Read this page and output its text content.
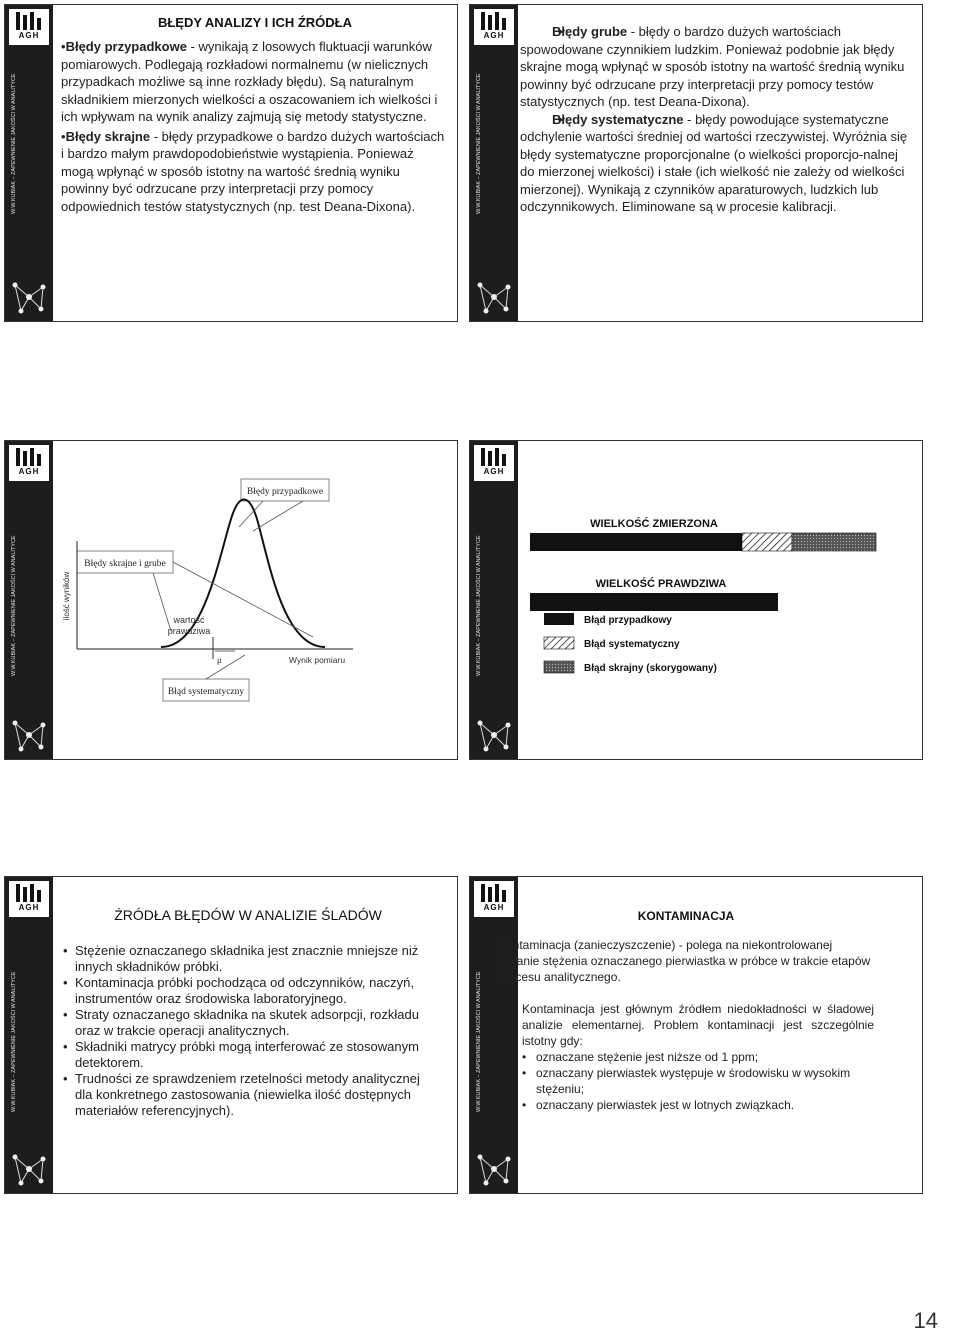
AGH
W.W.KUBIAK – ZAPEWNIENIE JAKOŚCI W ANALITYCE
BŁĘDY ANALIZY I ICH ŹRÓDŁA

•Błędy przypadkowe - wynikają z losowych fluktuacji warunków pomiarowych. Podlegają rozkładowi normalnemu (w nielicznych przypadkach możliwe są inne rozkłady błędu). Są naturalnym składnikiem mierzonych wielkości a oszacowaniem ich wielkości i ich wpływam na wynik analizy zajmują się metody statystyczne.

•Błędy skrajne - błędy przypadkowe o bardzo dużych wartościach i bardzo małym prawdopodobieństwie wystąpienia. Ponieważ mogą wpłynąć w sposób istotny na wartość średnią wyniku powinny być odrzucane przy interpretacji przy pomocy odpowiednich testów statystycznych (np. test Deana-Dixona).

AGH
W.W.KUBIAK – ZAPEWNIENIE JAKOŚCI W ANALITYCE

• Błędy grube - błędy o bardzo dużych wartościach spowodowane czynnikiem ludzkim. Ponieważ podobnie jak błędy skrajne mogą wpłynąć w sposób istotny na wartość średnią wyniku powinny być odrzucane przy interpretacji przy pomocy testów statystycznych (np. test Deana-Dixona).

• Błędy systematyczne - błędy powodujące systematyczne odchylenie wartości średniej od wartości rzeczywistej. Wyróżnia się błędy systematyczne proporcjonalne (o wielkości proporcjo-nalnej do mierzonej wielkości) i stałe (ich wielkość nie zależy od wielkości mierzonej). Wynikają z czynników aparaturowych, ludzkich lub odczynnikowych. Eliminowane są w procesie kalibracji.

AGH
W.W.KUBIAK – ZAPEWNIENIE JAKOŚCI W ANALITYCE
Błędy przypadkowe
Błędy skrajne i grube
Błąd systematyczny
ilość wyników	wartość
prawdziwa
μ	Wynik pomiaru
AGH
W.W.KUBIAK – ZAPEWNIENIE JAKOŚCI W ANALITYCE
WIELKOŚĆ ZMIERZONA
WIELKOŚĆ PRAWDZIWA
Błąd przypadkowy
Błąd systematyczny
Błąd skrajny (skorygowany)
AGH
W.W.KUBIAK – ZAPEWNIENIE JAKOŚCI W ANALITYCE
ŹRÓDŁA BŁĘDÓW W ANALIZIE ŚLADÓW

• Stężenie oznaczanego składnika jest znacznie mniejsze niż innych składników próbki.

• Kontaminacja próbki pochodząca od odczynników, naczyń, instrumentów oraz środowiska laboratoryjnego.

• Straty oznaczanego składnika na skutek adsorpcji, rozkładu oraz w trakcie operacji analitycznych.

• Składniki matrycy próbki mogą interferować ze stosowanym detektorem.

• Trudności ze sprawdzeniem rzetelności metody analitycznej dla konkretnego zastosowania (niewielka ilość dostępnych materiałów referencyjnych).

AGH
W.W.KUBIAK – ZAPEWNIENIE JAKOŚCI W ANALITYCE
KONTAMINACJA

Kontaminacja (zanieczyszczenie) - polega na niekontrolowanej zmianie stężenia oznaczanego pierwiastka w próbce w trakcie etapów procesu analitycznego.

Kontaminacja jest głównym źródłem niedokładności w śladowej analizie elementarnej. Problem kontaminacji jest szczególnie istotny gdy:

• oznaczane stężenie jest niższe od 1 ppm;

• oznaczany pierwiastek występuje w środowisku w wysokim stężeniu;

• oznaczany pierwiastek jest w lotnych związkach.

14
